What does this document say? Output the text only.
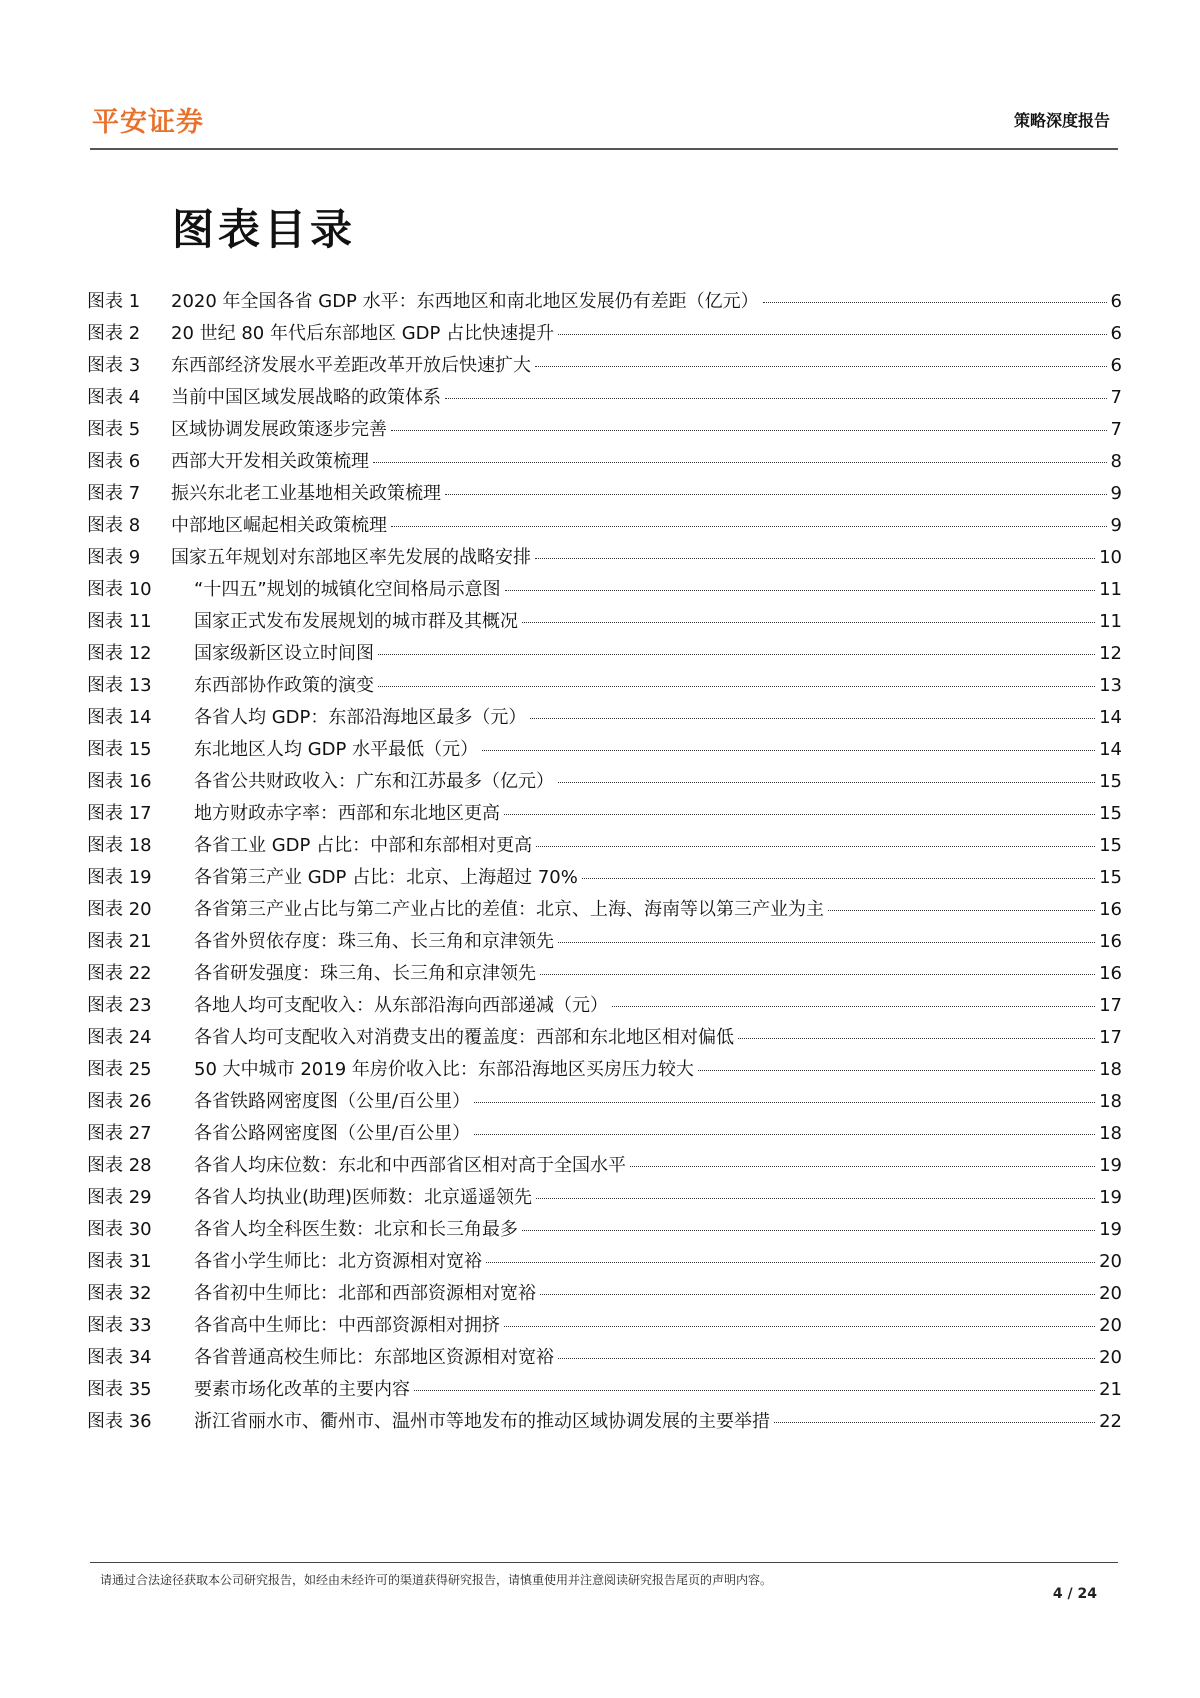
平安证券	策略深度报告
图表目录
图表 1	2020 年全国各省 GDP 水平：东西地区和南北地区发展仍有差距（亿元）	6
图表 2	20 世纪 80 年代后东部地区 GDP 占比快速提升	6
图表 3	东西部经济发展水平差距改革开放后快速扩大	6
图表 4	当前中国区域发展战略的政策体系	7
图表 5	区域协调发展政策逐步完善	7
图表 6	西部大开发相关政策梳理	8
图表 7	振兴东北老工业基地相关政策梳理	9
图表 8	中部地区崛起相关政策梳理	9
图表 9	国家五年规划对东部地区率先发展的战略安排	10
图表 10	“十四五”规划的城镇化空间格局示意图	11
图表 11	国家正式发布发展规划的城市群及其概况	11
图表 12	国家级新区设立时间图	12
图表 13	东西部协作政策的演变	13
图表 14	各省人均 GDP：东部沿海地区最多（元）	14
图表 15	东北地区人均 GDP 水平最低（元）	14
图表 16	各省公共财政收入：广东和江苏最多（亿元）	15
图表 17	地方财政赤字率：西部和东北地区更高	15
图表 18	各省工业 GDP 占比：中部和东部相对更高	15
图表 19	各省第三产业 GDP 占比：北京、上海超过 70%	15
图表 20	各省第三产业占比与第二产业占比的差值：北京、上海、海南等以第三产业为主	16
图表 21	各省外贸依存度：珠三角、长三角和京津领先	16
图表 22	各省研发强度：珠三角、长三角和京津领先	16
图表 23	各地人均可支配收入：从东部沿海向西部递减（元）	17
图表 24	各省人均可支配收入对消费支出的覆盖度：西部和东北地区相对偏低	17
图表 25	50 大中城市 2019 年房价收入比：东部沿海地区买房压力较大	18
图表 26	各省铁路网密度图（公里/百公里）	18
图表 27	各省公路网密度图（公里/百公里）	18
图表 28	各省人均床位数：东北和中西部省区相对高于全国水平	19
图表 29	各省人均执业(助理)医师数：北京遥遥领先	19
图表 30	各省人均全科医生数：北京和长三角最多	19
图表 31	各省小学生师比：北方资源相对宽裕	20
图表 32	各省初中生师比：北部和西部资源相对宽裕	20
图表 33	各省高中生师比：中西部资源相对拥挤	20
图表 34	各省普通高校生师比：东部地区资源相对宽裕	20
图表 35	要素市场化改革的主要内容	21
图表 36	浙江省丽水市、衢州市、温州市等地发布的推动区域协调发展的主要举措	22
请通过合法途径获取本公司研究报告，如经由未经许可的渠道获得研究报告，请慎重使用并注意阅读研究报告尾页的声明内容。
4 / 24
